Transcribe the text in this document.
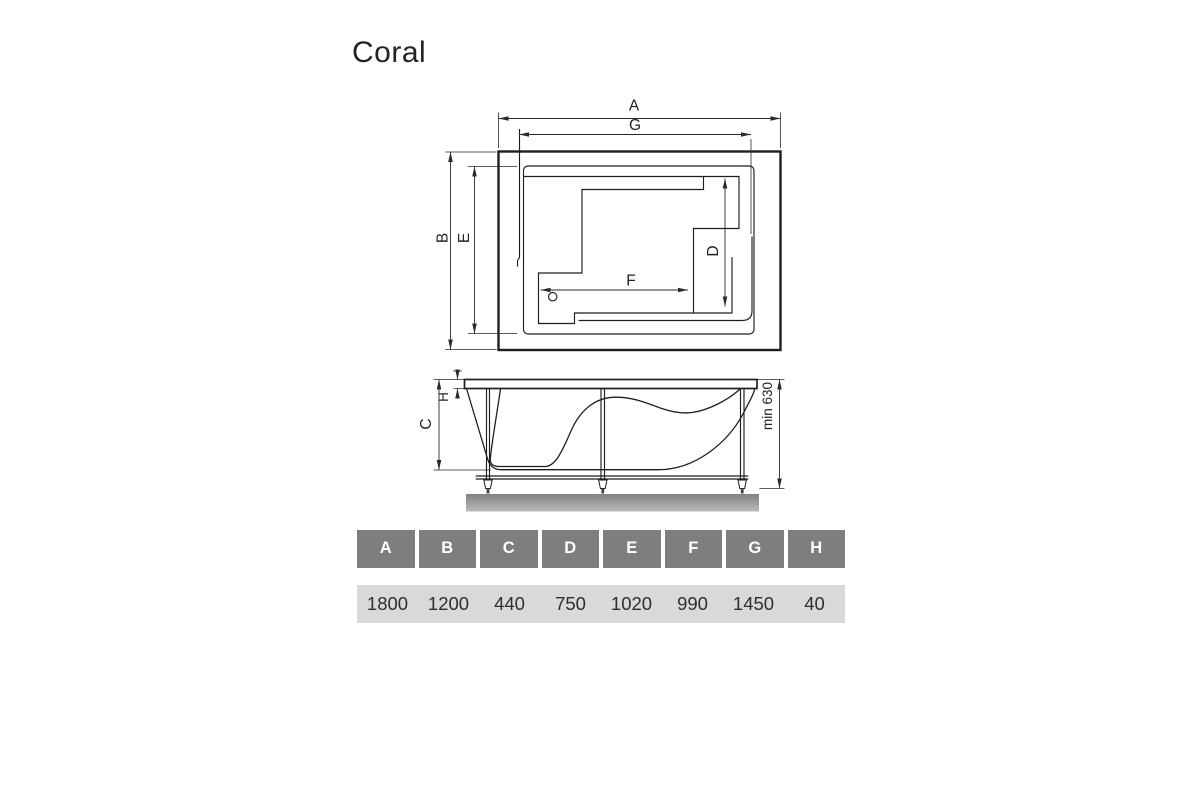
Coral
A
G
B E
D
F
C
H	min 630
A	B	C	D	E	F	G	H
1800	1200	440	750	1020	990	1450	40
